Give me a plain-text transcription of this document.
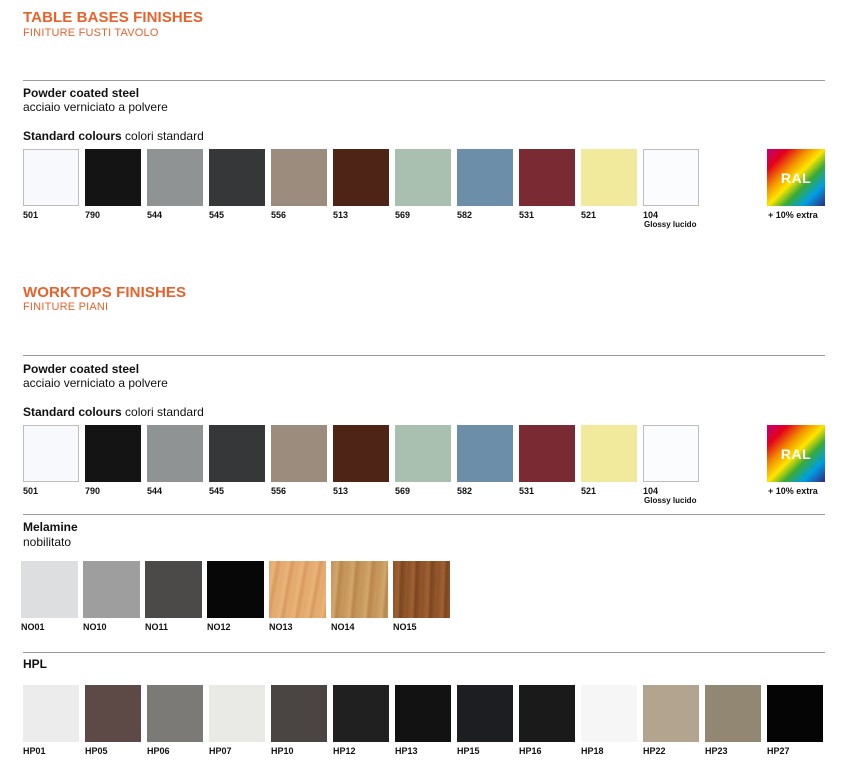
TABLE BASES FINISHES
FINITURE FUSTI TAVOLO
Powder coated steel
acciaio verniciato a polvere
Standard colours colori standard
501	790	544	545	556	513	569	582	531	521	104
RAL
+ 10% extra
Glossy lucido
WORKTOPS FINISHES
FINITURE PIANI
Powder coated steel
acciaio verniciato a polvere
Standard colours colori standard
501	790	544	545	556	513	569	582	531	521	104
RAL
+ 10% extra
Glossy lucido
Melamine
nobilitato
NO01	NO10	NO11	NO12	NO13	NO14	NO15
HPL
HP01	HP05	HP06	HP07	HP10	HP12	HP13	HP15	HP16	HP18	HP22	HP23	HP27
